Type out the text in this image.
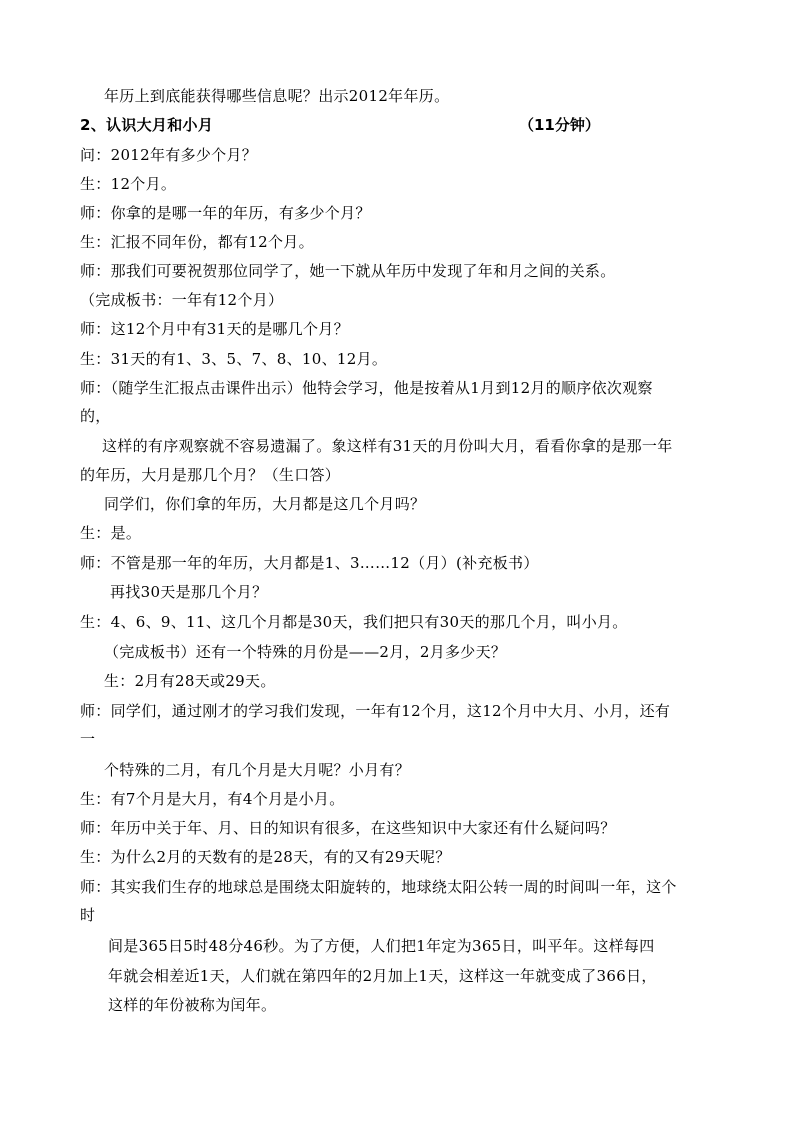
年历上到底能获得哪些信息呢？出示2012年年历。
2、认识大月和小月	（11分钟）
问：2012年有多少个月？
生：12个月。
师：你拿的是哪一年的年历，有多少个月？
生：汇报不同年份，都有12个月。
师：那我们可要祝贺那位同学了，她一下就从年历中发现了年和月之间的关系。
（完成板书：一年有12个月）
师：这12个月中有31天的是哪几个月？
生：31天的有1、3、5、7、8、10、12月。
师：（随学生汇报点击课件出示）他特会学习，他是按着从1月到12月的顺序依次观察
的，
这样的有序观察就不容易遗漏了。象这样有31天的月份叫大月，看看你拿的是那一年
的年历，大月是那几个月？（生口答）
同学们，你们拿的年历，大月都是这几个月吗？
生：是。
师：不管是那一年的年历，大月都是1、3……12（月）(补充板书）
再找30天是那几个月？
生：4、6、9、11、这几个月都是30天，我们把只有30天的那几个月，叫小月。
（完成板书）还有一个特殊的月份是——2月，2月多少天？
生：2月有28天或29天。
师：同学们，通过刚才的学习我们发现，一年有12个月，这12个月中大月、小月，还有
一
个特殊的二月，有几个月是大月呢？小月有？
生：有7个月是大月，有4个月是小月。
师：年历中关于年、月、日的知识有很多，在这些知识中大家还有什么疑问吗？
生：为什么2月的天数有的是28天，有的又有29天呢？
师：其实我们生存的地球总是围绕太阳旋转的，地球绕太阳公转一周的时间叫一年，这个
时
间是365日5时48分46秒。为了方便，人们把1年定为365日，叫平年。这样每四
年就会相差近1天，人们就在第四年的2月加上1天，这样这一年就变成了366日，
这样的年份被称为闰年。
